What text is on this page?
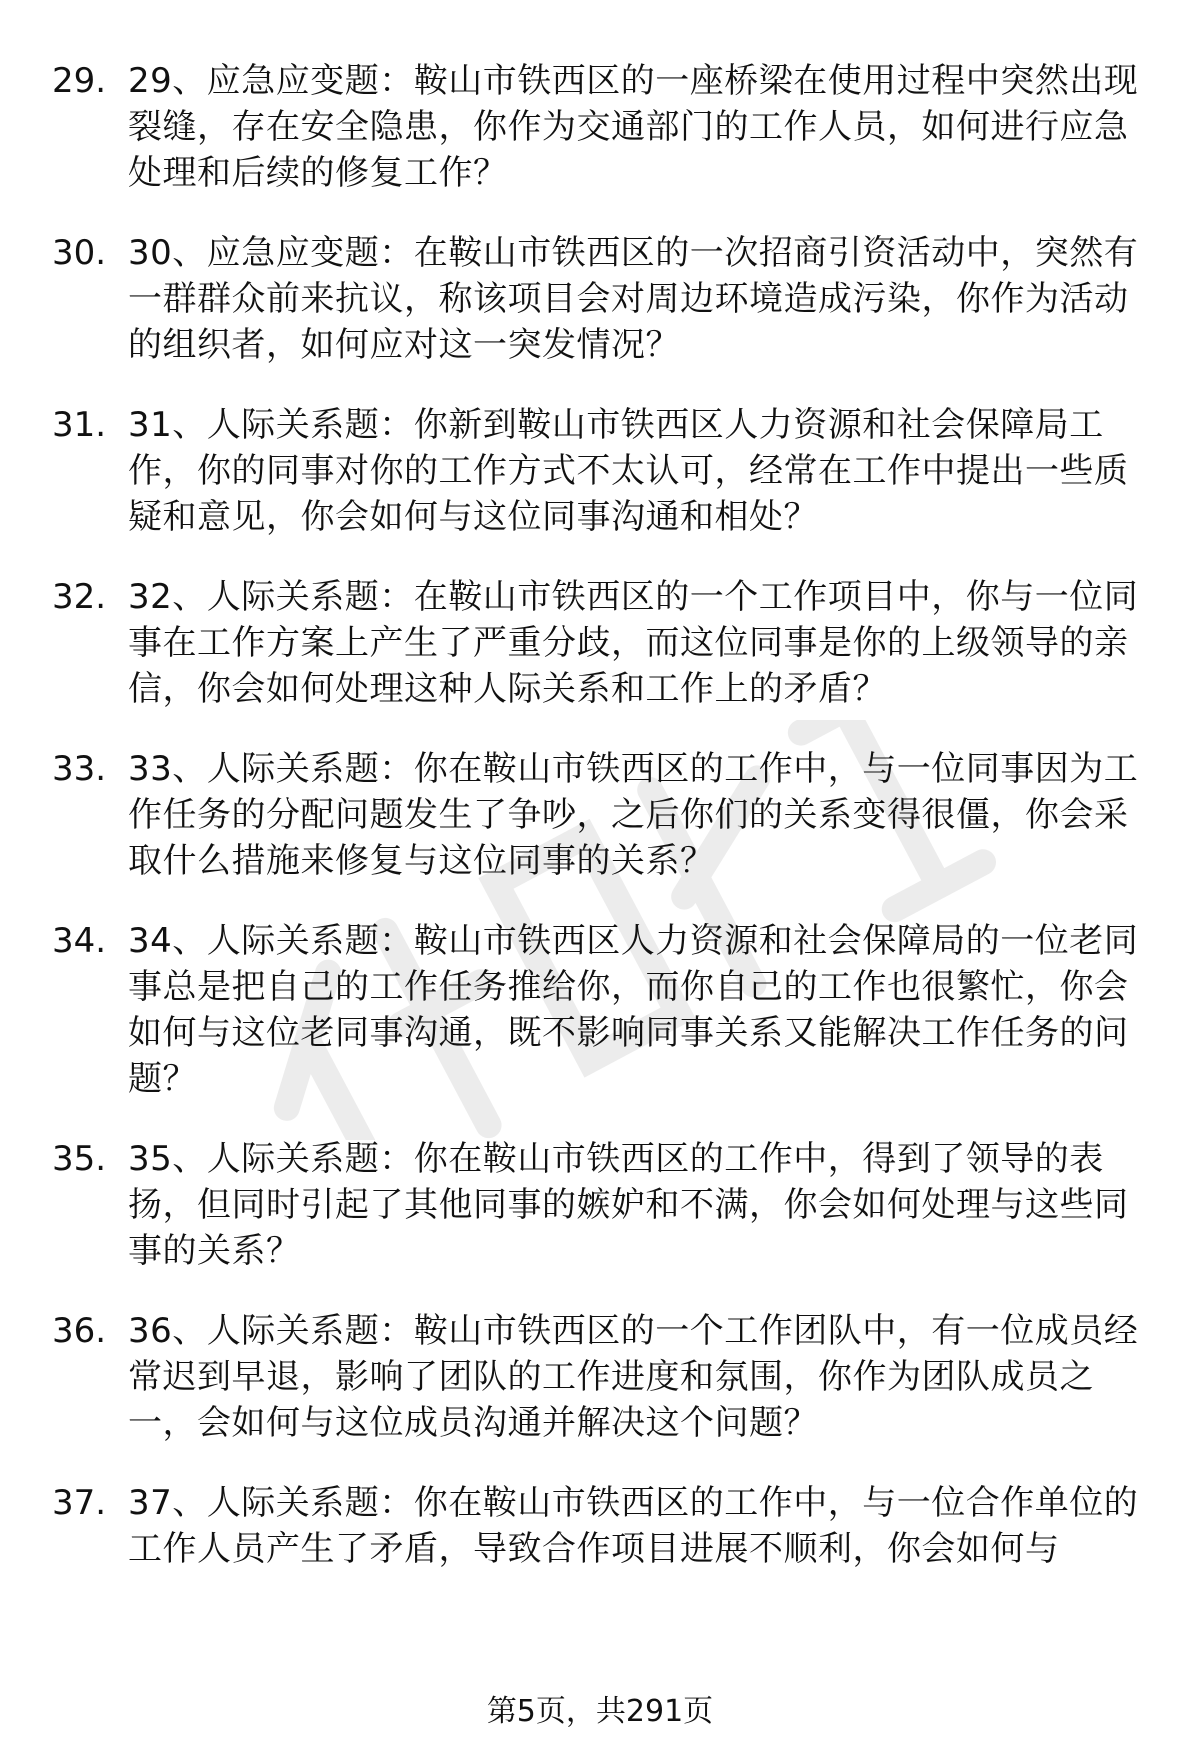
29. 29、应急应变题：鞍山市铁西区的一座桥梁在使用过程中突然出现裂缝，存在安全隐患，你作为交通部门的工作人员，如何进行应急处理和后续的修复工作？
30. 30、应急应变题：在鞍山市铁西区的一次招商引资活动中，突然有一群群众前来抗议，称该项目会对周边环境造成污染，你作为活动的组织者，如何应对这一突发情况？
31. 31、人际关系题：你新到鞍山市铁西区人力资源和社会保障局工作，你的同事对你的工作方式不太认可，经常在工作中提出一些质疑和意见，你会如何与这位同事沟通和相处？
32. 32、人际关系题：在鞍山市铁西区的一个工作项目中，你与一位同事在工作方案上产生了严重分歧，而这位同事是你的上级领导的亲信，你会如何处理这种人际关系和工作上的矛盾？
33. 33、人际关系题：你在鞍山市铁西区的工作中，与一位同事因为工作任务的分配问题发生了争吵，之后你们的关系变得很僵，你会采取什么措施来修复与这位同事的关系？
34. 34、人际关系题：鞍山市铁西区人力资源和社会保障局的一位老同事总是把自己的工作任务推给你，而你自己的工作也很繁忙，你会如何与这位老同事沟通，既不影响同事关系又能解决工作任务的问题？
35. 35、人际关系题：你在鞍山市铁西区的工作中，得到了领导的表扬，但同时引起了其他同事的嫉妒和不满，你会如何处理与这些同事的关系？
36. 36、人际关系题：鞍山市铁西区的一个工作团队中，有一位成员经常迟到早退，影响了团队的工作进度和氛围，你作为团队成员之一，会如何与这位成员沟通并解决这个问题？
37. 37、人际关系题：你在鞍山市铁西区的工作中，与一位合作单位的工作人员产生了矛盾，导致合作项目进展不顺利，你会如何与
第5页，共291页
